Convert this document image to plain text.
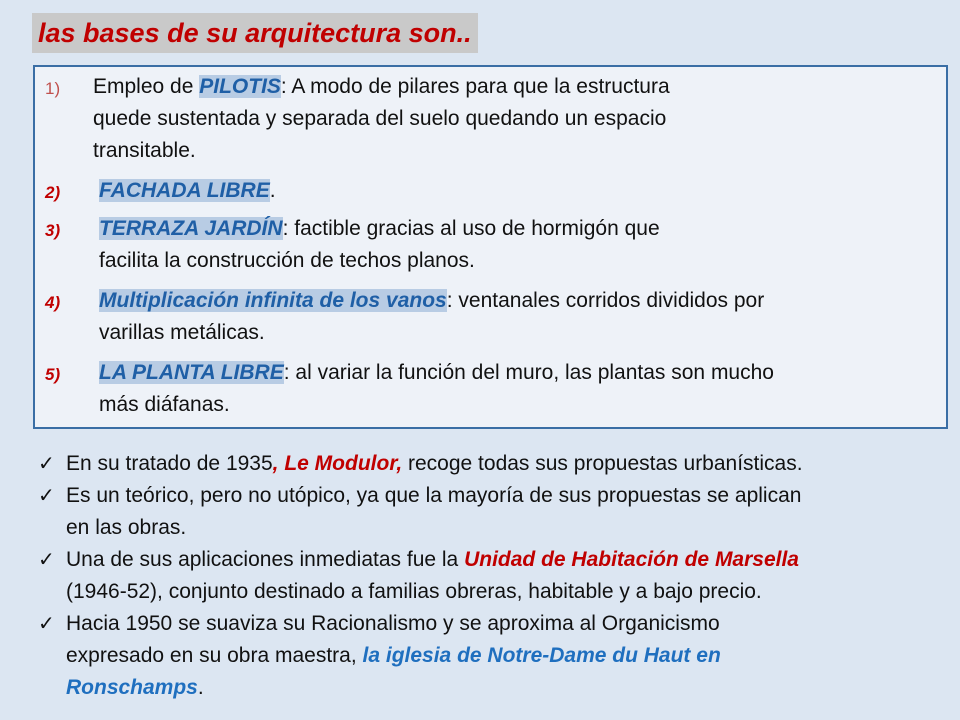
las bases de su arquitectura son..
1) Empleo de PILOTIS: A modo de pilares para que la estructura
quede sustentada y separada del suelo quedando un espacio
transitable.
2) FACHADA LIBRE.
3) TERRAZA JARDÍN: factible gracias al uso de hormigón que
facilita la construcción de techos planos.
4) Multiplicación infinita de los vanos: ventanales corridos divididos por
varillas metálicas.
5) LA PLANTA LIBRE: al variar la función del muro, las plantas son mucho
más diáfanas.
✓ En su tratado de 1935, Le Modulor, recoge todas sus propuestas urbanísticas.
✓ Es un teórico, pero no utópico, ya que la mayoría de sus propuestas se aplican
en las obras.
✓ Una de sus aplicaciones inmediatas fue la Unidad de Habitación de Marsella
(1946-52), conjunto destinado a familias obreras, habitable y a bajo precio.
✓ Hacia 1950 se suaviza su Racionalismo y se aproxima al Organicismo
expresado en su obra maestra, la iglesia de Notre-Dame du Haut en
Ronschamps.
